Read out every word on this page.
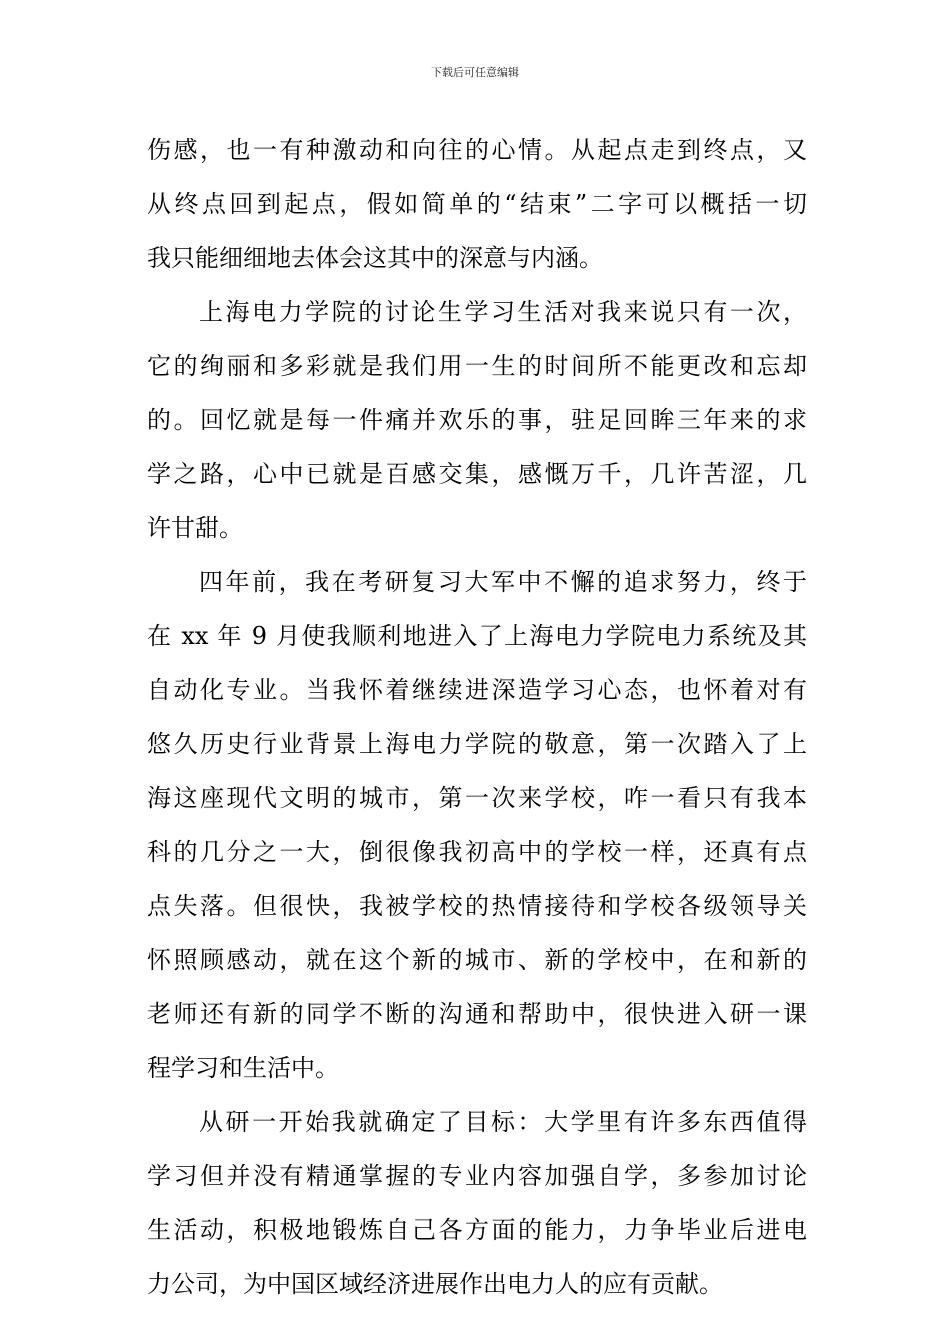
下载后可任意编辑
伤感，也一有种激动和向往的心情。从起点走到终点，又
从终点回到起点，假如简单的“结束”二字可以概括一切
我只能细细地去体会这其中的深意与内涵。
上海电力学院的讨论生学习生活对我来说只有一次，
它的绚丽和多彩就是我们用一生的时间所不能更改和忘却
的。回忆就是每一件痛并欢乐的事，驻足回眸三年来的求
学之路，心中已就是百感交集，感慨万千，几许苦涩，几
许甘甜。
四年前，我在考研复习大军中不懈的追求努力，终于
在 xx 年 9 月使我顺利地进入了上海电力学院电力系统及其
自动化专业。当我怀着继续进深造学习心态，也怀着对有
悠久历史行业背景上海电力学院的敬意，第一次踏入了上
海这座现代文明的城市，第一次来学校，咋一看只有我本
科的几分之一大，倒很像我初高中的学校一样，还真有点
点失落。但很快，我被学校的热情接待和学校各级领导关
怀照顾感动，就在这个新的城市、新的学校中，在和新的
老师还有新的同学不断的沟通和帮助中，很快进入研一课
程学习和生活中。
从研一开始我就确定了目标：大学里有许多东西值得
学习但并没有精通掌握的专业内容加强自学，多参加讨论
生活动，积极地锻炼自己各方面的能力，力争毕业后进电
力公司，为中国区域经济进展作出电力人的应有贡献。
